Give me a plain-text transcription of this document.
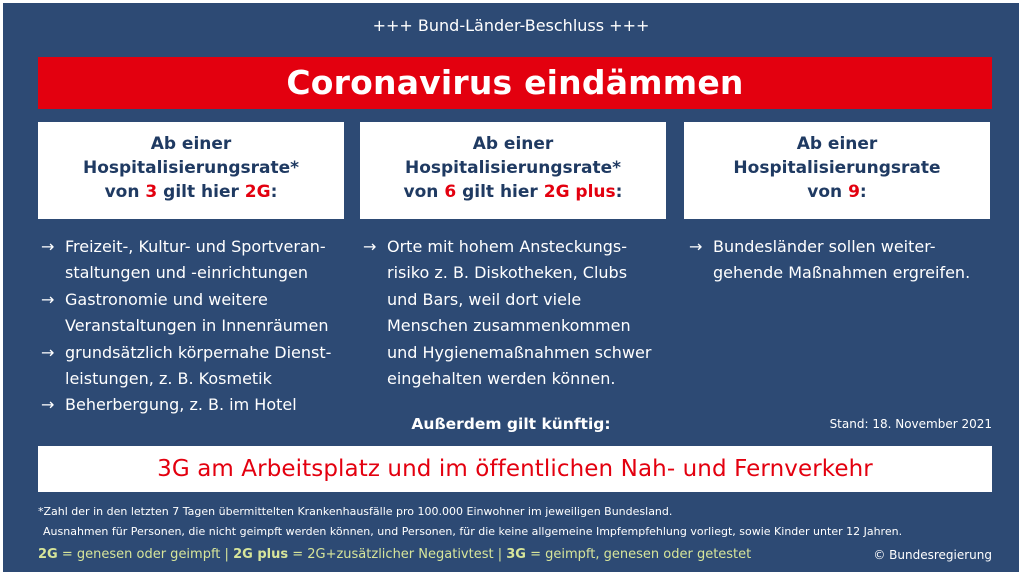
+++ Bund-Länder-Beschluss +++
Coronavirus eindämmen
Ab einer
Hospitalisierungsrate*
von 3 gilt hier 2G:
Ab einer
Hospitalisierungsrate*
von 6 gilt hier 2G plus:
Ab einer
Hospitalisierungsrate
von 9:
→ Freizeit-, Kultur- und Sportveran-
staltungen und -einrichtungen
→ Gastronomie und weitere
Veranstaltungen in Innenräumen
→ grundsätzlich körpernahe Dienst-
leistungen, z. B. Kosmetik
→ Beherbergung, z. B. im Hotel
→ Orte mit hohem Ansteckungs-
risiko z. B. Diskotheken, Clubs
und Bars, weil dort viele
Menschen zusammenkommen
und Hygienemaßnahmen schwer
eingehalten werden können.
→ Bundesländer sollen weiter-
gehende Maßnahmen ergreifen.
Außerdem gilt künftig:	Stand: 18. November 2021
3G am Arbeitsplatz und im öffentlichen Nah- und Fernverkehr
*Zahl der in den letzten 7 Tagen übermittelten Krankenhausfälle pro 100.000 Einwohner im jeweiligen Bundesland.
Ausnahmen für Personen, die nicht geimpft werden können, und Personen, für die keine allgemeine Impfempfehlung vorliegt, sowie Kinder unter 12 Jahren.
2G = genesen oder geimpft | 2G plus = 2G+zusätzlicher Negativtest | 3G = geimpft, genesen oder getestet	© Bundesregierung
